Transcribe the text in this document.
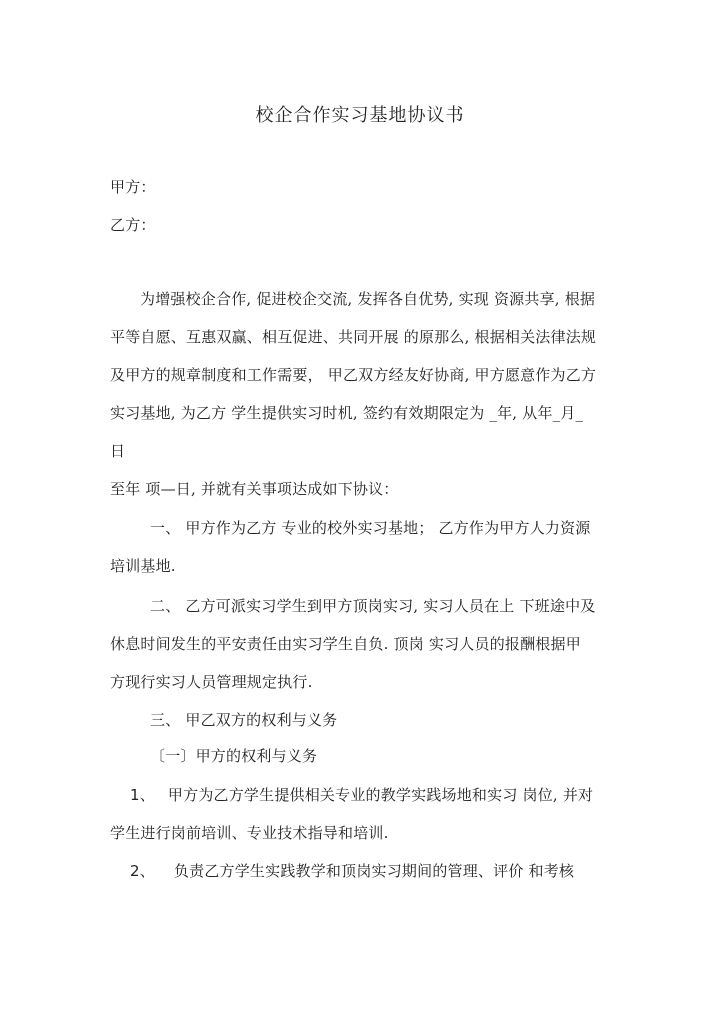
校企合作实习基地协议书
甲方：
乙方：
为增强校企合作, 促进校企交流, 发挥各自优势, 实现 资源共享, 根据
平等自愿、互惠双赢、相互促进、共同开展 的原那么, 根据相关法律法规
及甲方的规章制度和工作需要， 甲乙双方经友好协商, 甲方愿意作为乙方
实习基地, 为乙方 学生提供实习时机, 签约有效期限定为 _年, 从年_月_
日
至年 项—日, 并就有关事项达成如下协议：
一、 甲方作为乙方 专业的校外实习基地； 乙方作为甲方人力资源
培训基地.
二、 乙方可派实习学生到甲方顶岗实习, 实习人员在上 下班途中及
休息时间发生的平安责任由实习学生自负. 顶岗 实习人员的报酬根据甲
方现行实习人员管理规定执行.
三、 甲乙双方的权利与义务
〔一〕甲方的权利与义务
1、 甲方为乙方学生提供相关专业的教学实践场地和实习 岗位, 并对
学生进行岗前培训、专业技术指导和培训.
2、 负责乙方学生实践教学和顶岗实习期间的管理、评价 和考核
